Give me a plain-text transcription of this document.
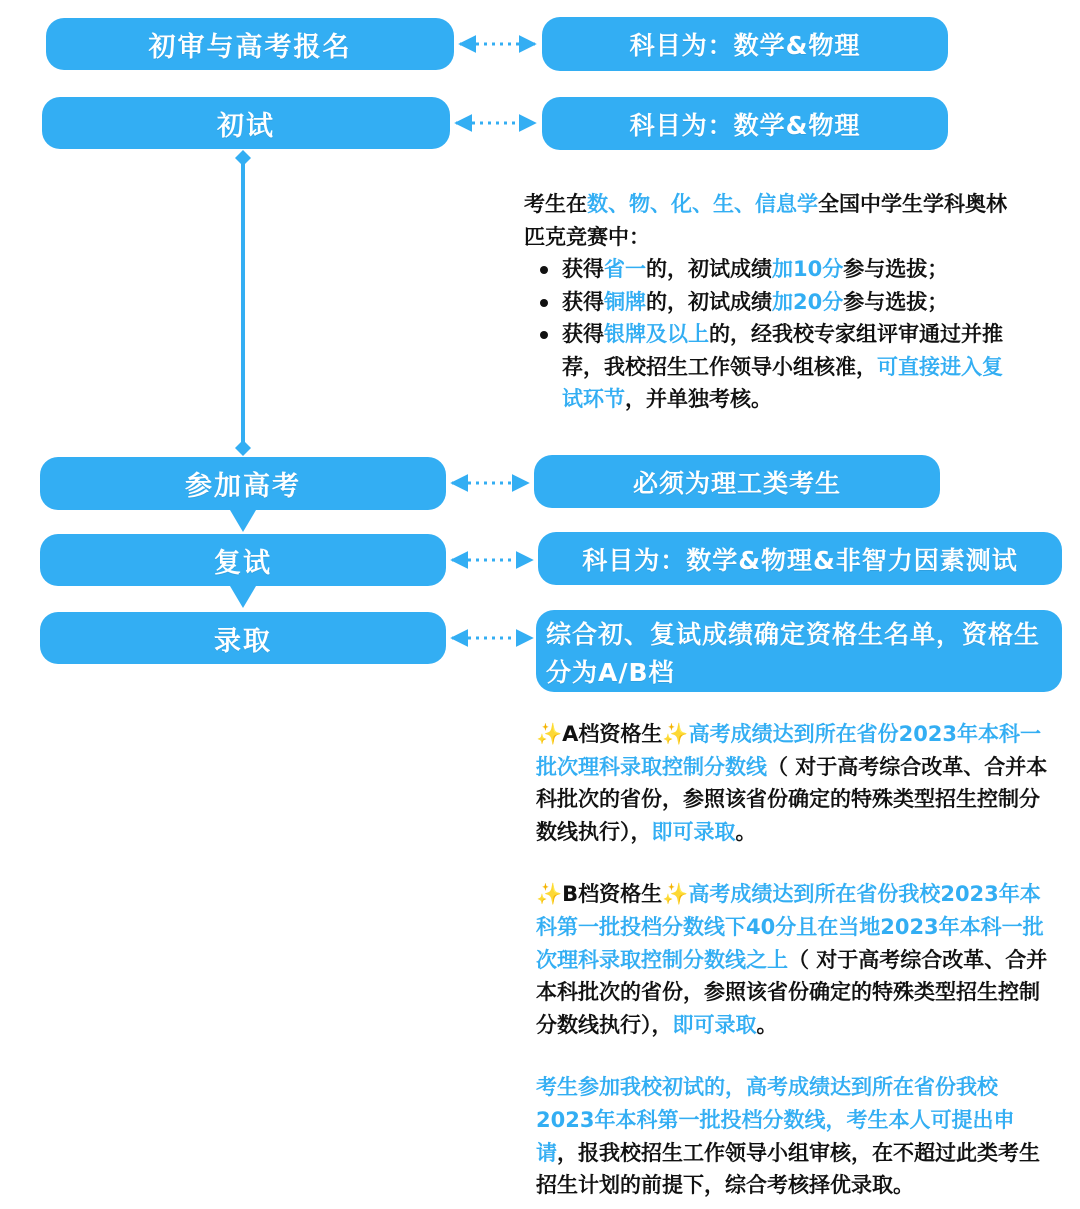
初审与高考报名
初试
参加高考
复试
录取
科目为：数学&物理
科目为：数学&物理
必须为理工类考生
科目为：数学&物理&非智力因素测试
综合初、复试成绩确定资格生名单，资格生分为A/B档
考生在数、物、化、生、信息学全国中学生学科奥林匹克竞赛中：
获得省一的，初试成绩加10分参与选拔；
获得铜牌的，初试成绩加20分参与选拔；
获得银牌及以上的，经我校专家组评审通过并推荐，我校招生工作领导小组核准，可直接进入复试环节，并单独考核。

✨A档资格生✨高考成绩达到所在省份2023年本科一批次理科录取控制分数线（ 对于高考综合改革、合并本科批次的省份，参照该省份确定的特殊类型招生控制分数线执行），即可录取。

✨B档资格生✨高考成绩达到所在省份我校2023年本科第一批投档分数线下40分且在当地2023年本科一批次理科录取控制分数线之上（ 对于高考综合改革、合并本科批次的省份，参照该省份确定的特殊类型招生控制分数线执行），即可录取。

考生参加我校初试的，高考成绩达到所在省份我校2023年本科第一批投档分数线，考生本人可提出申请，报我校招生工作领导小组审核，在不超过此类考生招生计划的前提下，综合考核择优录取。
